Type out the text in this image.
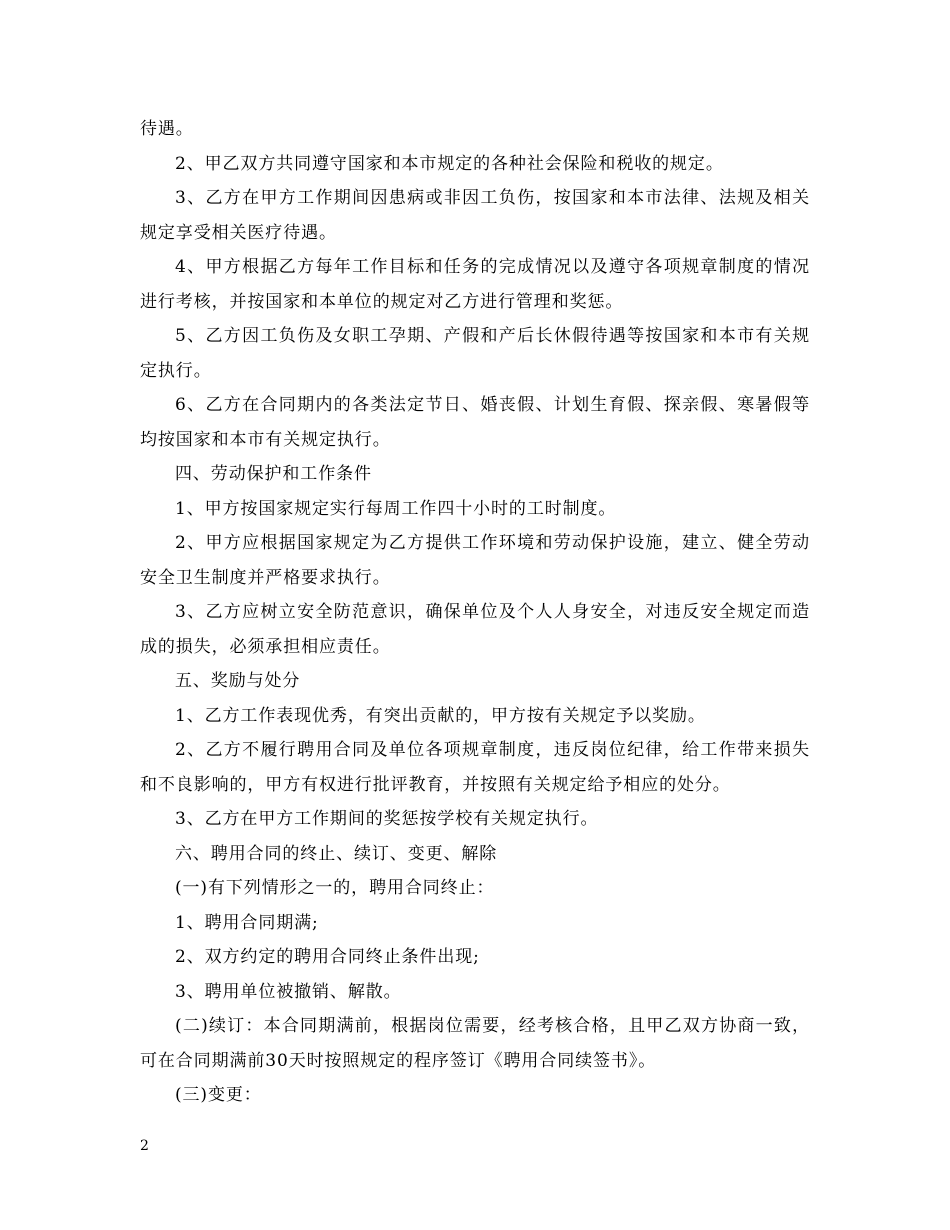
待遇。

2、甲乙双方共同遵守国家和本市规定的各种社会保险和税收的规定。

3、乙方在甲方工作期间因患病或非因工负伤，按国家和本市法律、法规及相关规定享受相关医疗待遇。

4、甲方根据乙方每年工作目标和任务的完成情况以及遵守各项规章制度的情况进行考核，并按国家和本单位的规定对乙方进行管理和奖惩。

5、乙方因工负伤及女职工孕期、产假和产后长休假待遇等按国家和本市有关规定执行。

6、乙方在合同期内的各类法定节日、婚丧假、计划生育假、探亲假、寒暑假等均按国家和本市有关规定执行。

四、劳动保护和工作条件

1、甲方按国家规定实行每周工作四十小时的工时制度。

2、甲方应根据国家规定为乙方提供工作环境和劳动保护设施，建立、健全劳动安全卫生制度并严格要求执行。

3、乙方应树立安全防范意识，确保单位及个人人身安全，对违反安全规定而造成的损失，必须承担相应责任。

五、奖励与处分

1、乙方工作表现优秀，有突出贡献的，甲方按有关规定予以奖励。

2、乙方不履行聘用合同及单位各项规章制度，违反岗位纪律，给工作带来损失和不良影响的，甲方有权进行批评教育，并按照有关规定给予相应的处分。

3、乙方在甲方工作期间的奖惩按学校有关规定执行。

六、聘用合同的终止、续订、变更、解除

(一)有下列情形之一的，聘用合同终止：

1、聘用合同期满;

2、双方约定的聘用合同终止条件出现;

3、聘用单位被撤销、解散。

(二)续订：本合同期满前，根据岗位需要，经考核合格，且甲乙双方协商一致，可在合同期满前30天时按照规定的程序签订《聘用合同续签书》。

(三)变更：

2
